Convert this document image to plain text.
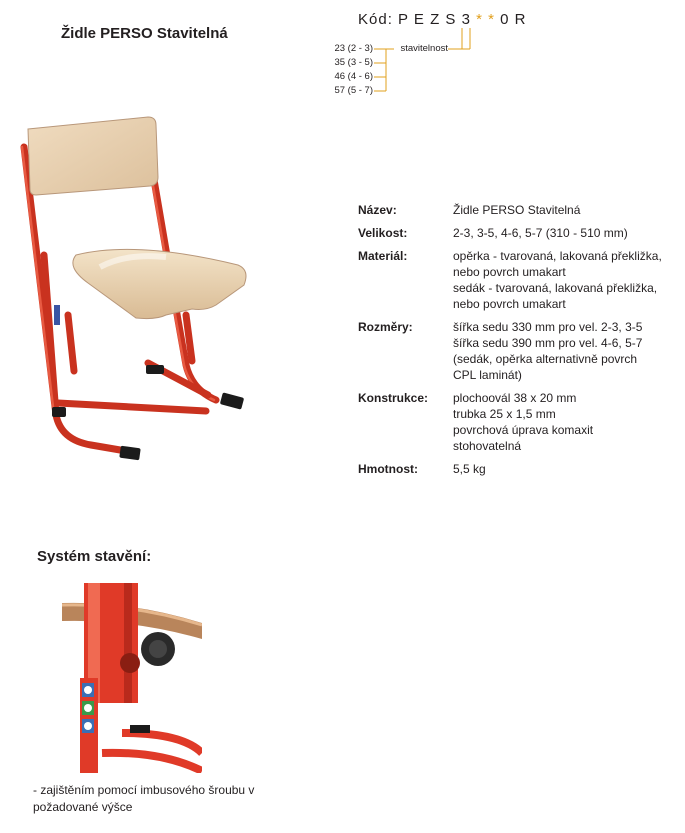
Židle PERSO Stavitelná
Kód: P E Z S 3 * * 0 R
23 (2 - 3)
35 (3 - 5)
46 (4 - 6)
57 (5 - 7)
stavitelnost
Název:	Židle PERSO Stavitelná
Velikost:	2-3, 3-5, 4-6, 5-7 (310 - 510 mm)
Materiál:	opěrka - tvarovaná, lakovaná překližka,
nebo povrch umakart
sedák - tvarovaná, lakovaná překližka,
nebo povrch umakart
Rozměry:	šířka sedu 330 mm pro vel. 2-3, 3-5
šířka sedu 390 mm pro vel. 4-6, 5-7
(sedák, opěrka alternativně povrch
CPL laminát)
Konstrukce:	plochoovál 38 x 20 mm
trubka 25 x 1,5 mm
povrchová úprava komaxit
stohovatelná
Hmotnost:	5,5 kg
Systém stavění:
- zajištěním pomocí imbusového šroubu v požadované výšce
